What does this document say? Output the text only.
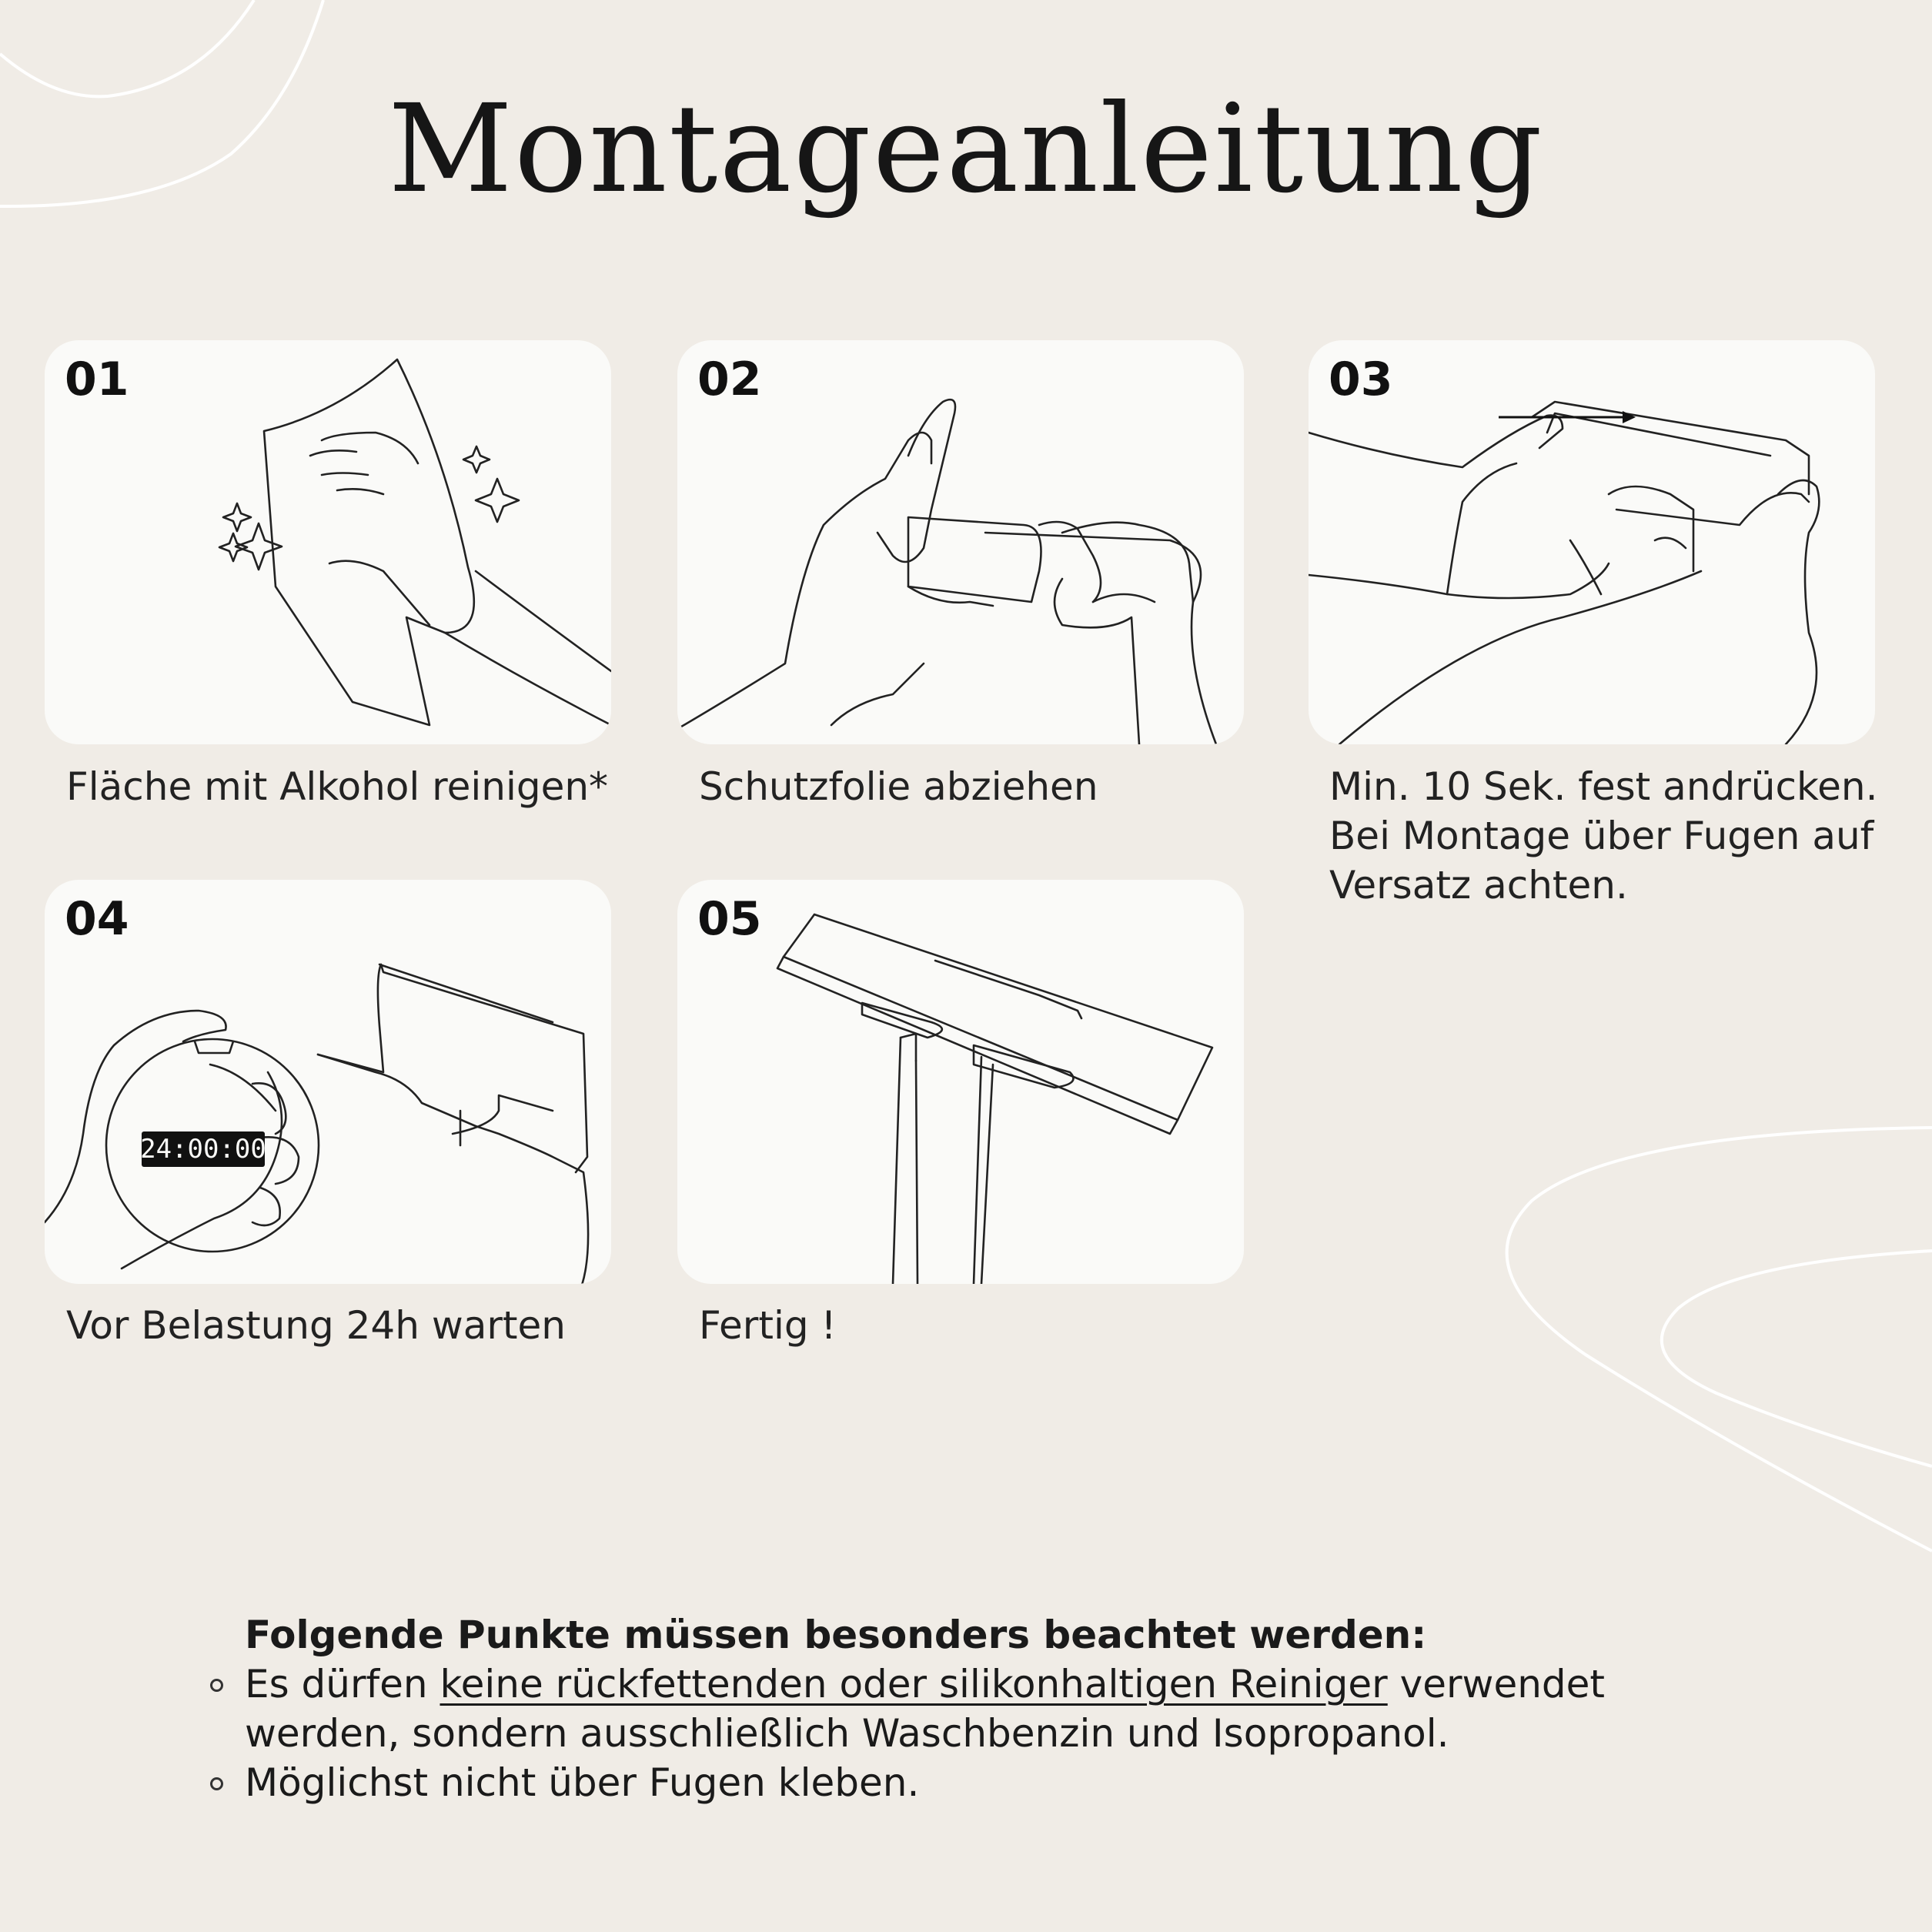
Montageanleitung
01
Fläche mit Alkohol reinigen*
02
Schutzfolie abziehen
03
Min. 10 Sek. fest andrücken.
Bei Montage über Fugen auf
Versatz achten.
24:00:00
04
Vor Belastung 24h warten
05
Fertig !
Folgende Punkte müssen besonders beachtet werden:
Es dürfen keine rückfettenden oder silikonhaltigen Reiniger verwendet
werden, sondern ausschließlich Waschbenzin und Isopropanol.
Möglichst nicht über Fugen kleben.
